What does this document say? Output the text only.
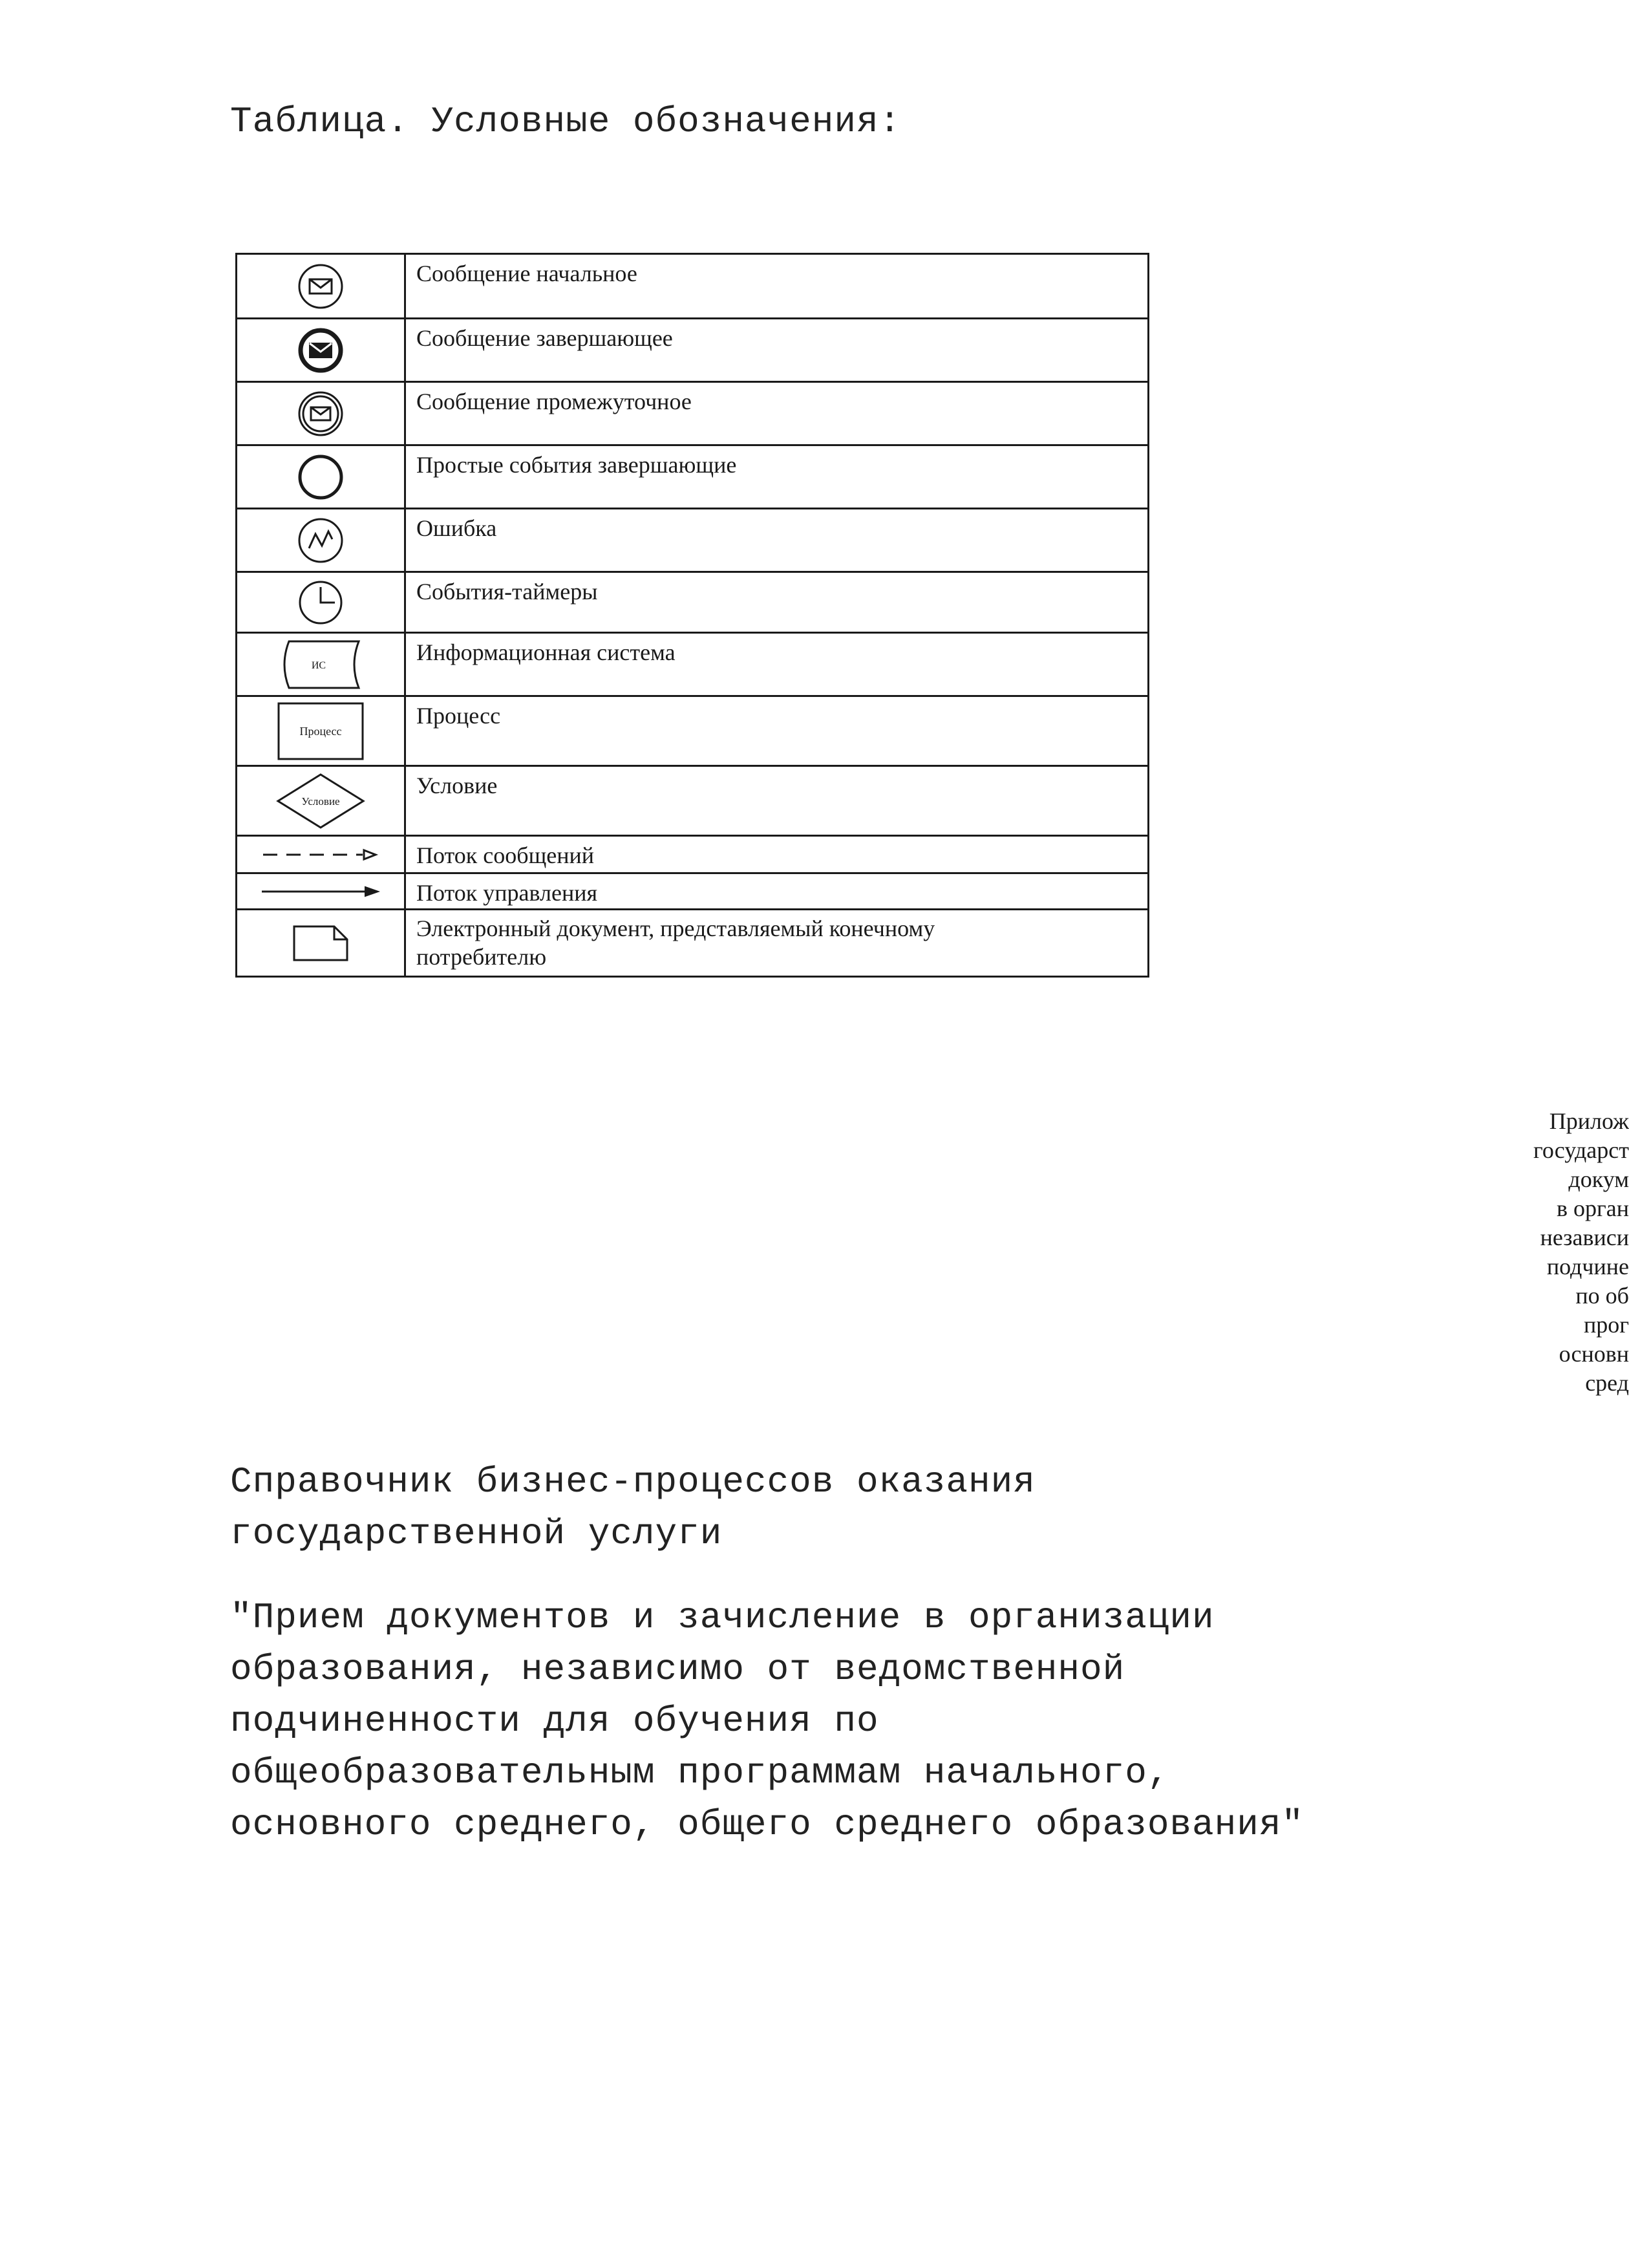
Таблица. Условные обозначения:
	Сообщение начальное

	Сообщение завершающее

	Сообщение промежуточное

	Простые события завершающие

	Ошибка

	События-таймеры

ИС	Информационная система

Процесс	Процесс

Условие	Условие

	Поток сообщений

	Поток управления

Электронный документ, представляемый конечному
потребителю
Прилож
государст
докум
в орган
независи
подчине
по об
прог
основн
сред
Справочник бизнес-процессов оказания
государственной услуги
"Прием документов и зачисление в организации
образования, независимо от ведомственной
подчиненности для обучения по
общеобразовательным программам начального,
основного среднего, общего среднего образования"
